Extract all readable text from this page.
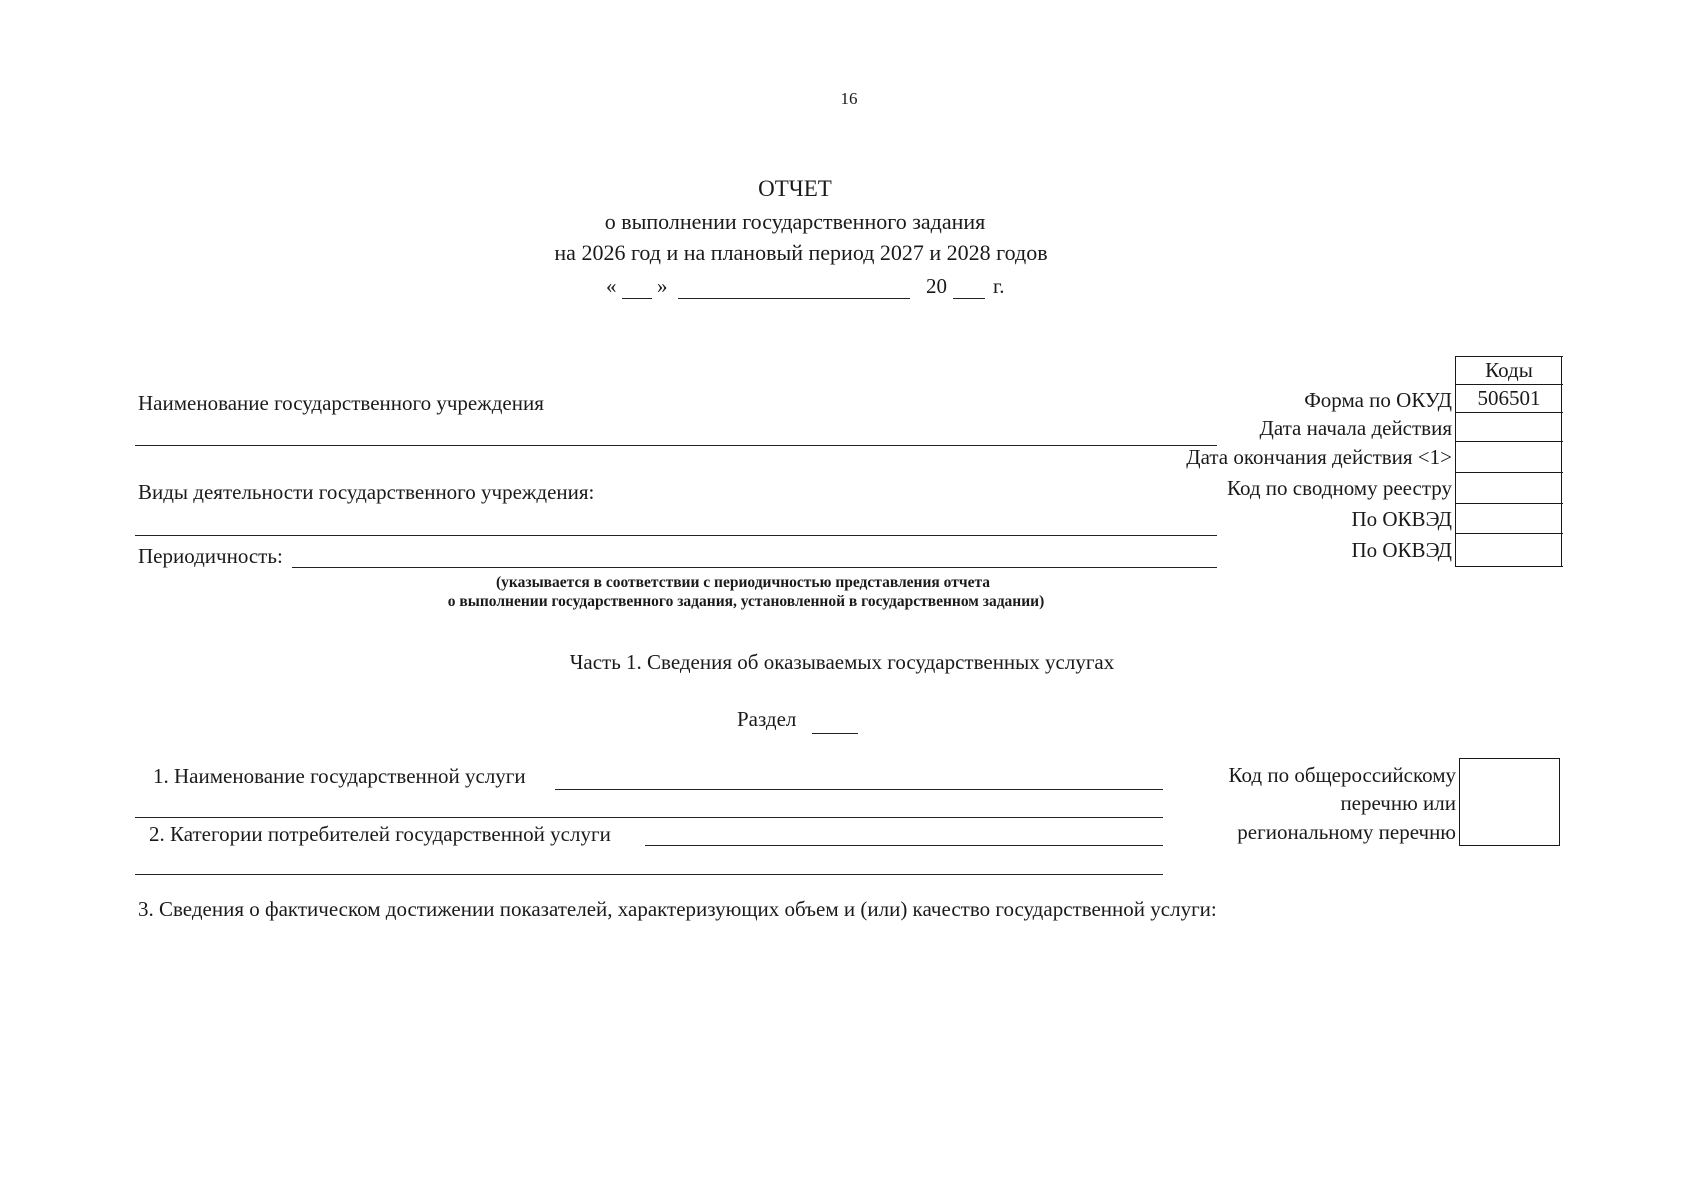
16
ОТЧЕТ
о выполнении государственного задания
на 2026 год и на плановый период 2027 и 2028 годов
« »	20 г.
Наименование государственного учреждения
Виды деятельности государственного учреждения:
Периодичность:
(указывается в соответствии с периодичностью представления отчета
о выполнении государственного задания, установленной в государственном задании)
Коды
Форма по ОКУД
Дата начала действия
Дата окончания действия <1>
Код по сводному реестру
По ОКВЭД
По ОКВЭД
506501
Часть 1. Сведения об оказываемых государственных услугах
Раздел
1. Наименование государственной услуги
2. Категории потребителей государственной услуги
Код по общероссийскому
перечню или
региональному перечню
3. Сведения о фактическом достижении показателей, характеризующих объем и (или) качество государственной услуги:
